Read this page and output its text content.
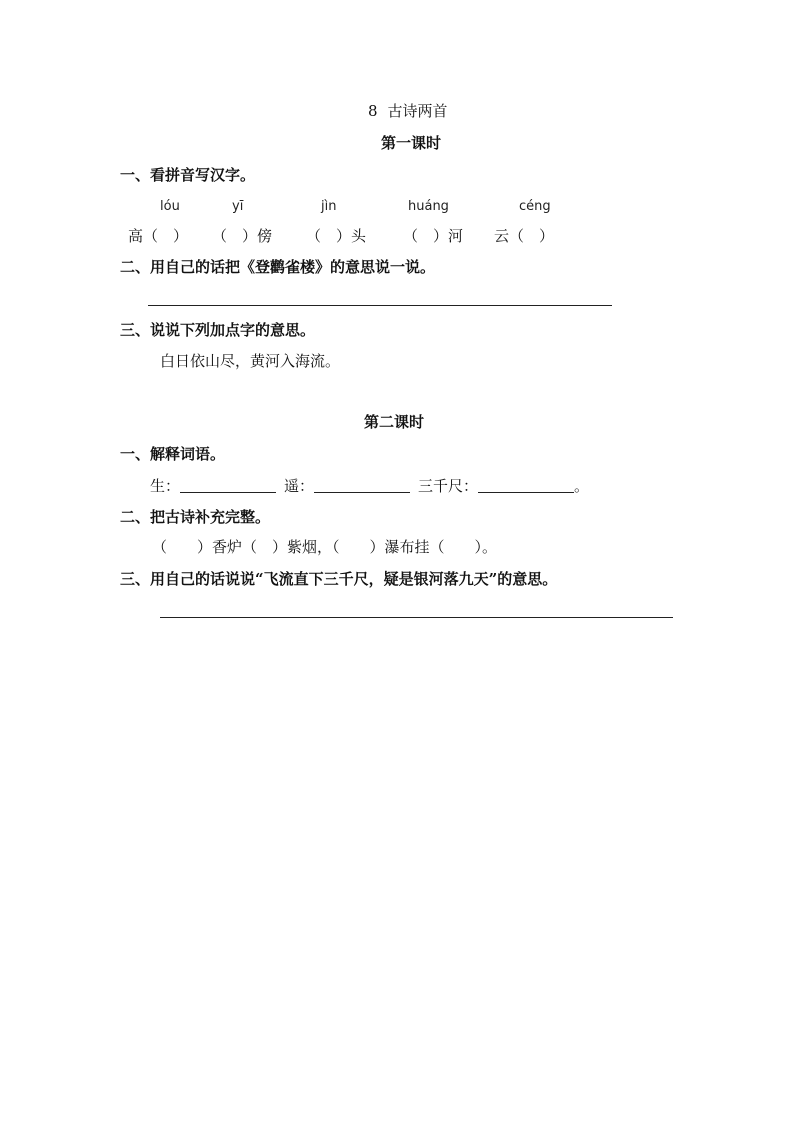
8 古诗两首
第一课时
一、看拼音写汉字。
lóu	yī	jìn	huáng	céng
高（　） （　）傍 （　）头 （　）河 云（　）
二、用自己的话把《登鹳雀楼》的意思说一说。
三、说说下列加点字的意思。
白日依山尽，黄河入海流。
第二课时
一、解释词语。
生：	遥：	三千尺：	。
二、把古诗补充完整。
（　　）香炉（　）紫烟，（　　）瀑布挂（　　）。
三、用自己的话说说“飞流直下三千尺，疑是银河落九天”的意思。
